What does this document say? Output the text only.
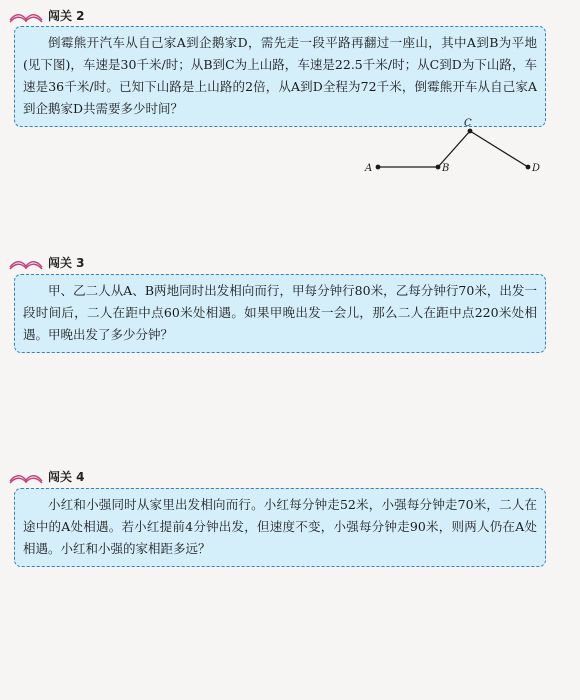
闯关 2
倒霉熊开汽车从自己家A到企鹅家D，需先走一段平路再翻过一座山，其中A到B为平地(见下图)，车速是30千米/时；从B到C为上山路，车速是22.5千米/时；从C到D为下山路，车速是36千米/时。已知下山路是上山路的2倍，从A到D全程为72千米，倒霉熊开车从自己家A到企鹅家D共需要多少时间？
A	B
C
D
闯关 3
甲、乙二人从A、B两地同时出发相向而行，甲每分钟行80米，乙每分钟行70米，出发一段时间后，二人在距中点60米处相遇。如果甲晚出发一会儿，那么二人在距中点220米处相遇。甲晚出发了多少分钟？
闯关 4
小红和小强同时从家里出发相向而行。小红每分钟走52米，小强每分钟走70米，二人在途中的A处相遇。若小红提前4分钟出发，但速度不变，小强每分钟走90米，则两人仍在A处相遇。小红和小强的家相距多远？
